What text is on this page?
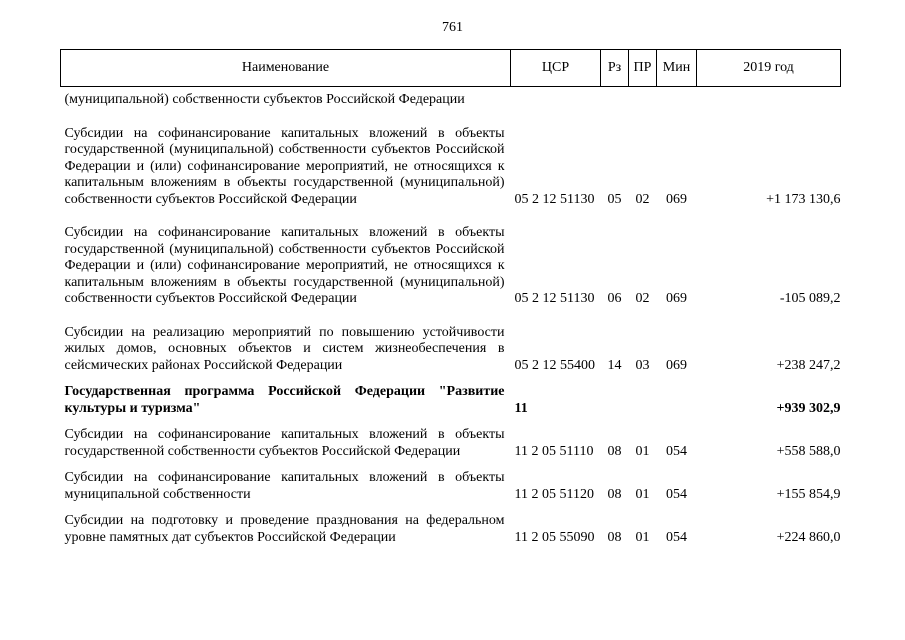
761
Наименование	ЦСР	Рз	ПР	Мин	2019 год

(муниципальной) собственности субъектов Российской Федерации					

Субсидии на софинансирование капитальных вложений в объекты государственной (муниципальной) собственности субъектов Российской Федерации и (или) софинансирование мероприятий, не относящихся к капитальным вложениям в объекты государственной (муниципальной) собственности субъектов Российской Федерации	05 2 12 51130	05	02	069	+1 173 130,6

Субсидии на софинансирование капитальных вложений в объекты государственной (муниципальной) собственности субъектов Российской Федерации и (или) софинансирование мероприятий, не относящихся к капитальным вложениям в объекты государственной (муниципальной) собственности субъектов Российской Федерации	05 2 12 51130	06	02	069	-105 089,2

Субсидии на реализацию мероприятий по повышению устойчивости жилых домов, основных объектов и систем жизнеобеспечения в сейсмических районах Российской Федерации	05 2 12 55400	14	03	069	+238 247,2

Государственная программа Российской Федерации "Развитие культуры и туризма"	11				+939 302,9

Субсидии на софинансирование капитальных вложений в объекты государственной собственности субъектов Российской Федерации	11 2 05 51110	08	01	054	+558 588,0

Субсидии на софинансирование капитальных вложений в объекты муниципальной собственности	11 2 05 51120	08	01	054	+155 854,9

Субсидии на подготовку и проведение празднования на федеральном уровне памятных дат субъектов Российской Федерации	11 2 05 55090	08	01	054	+224 860,0
